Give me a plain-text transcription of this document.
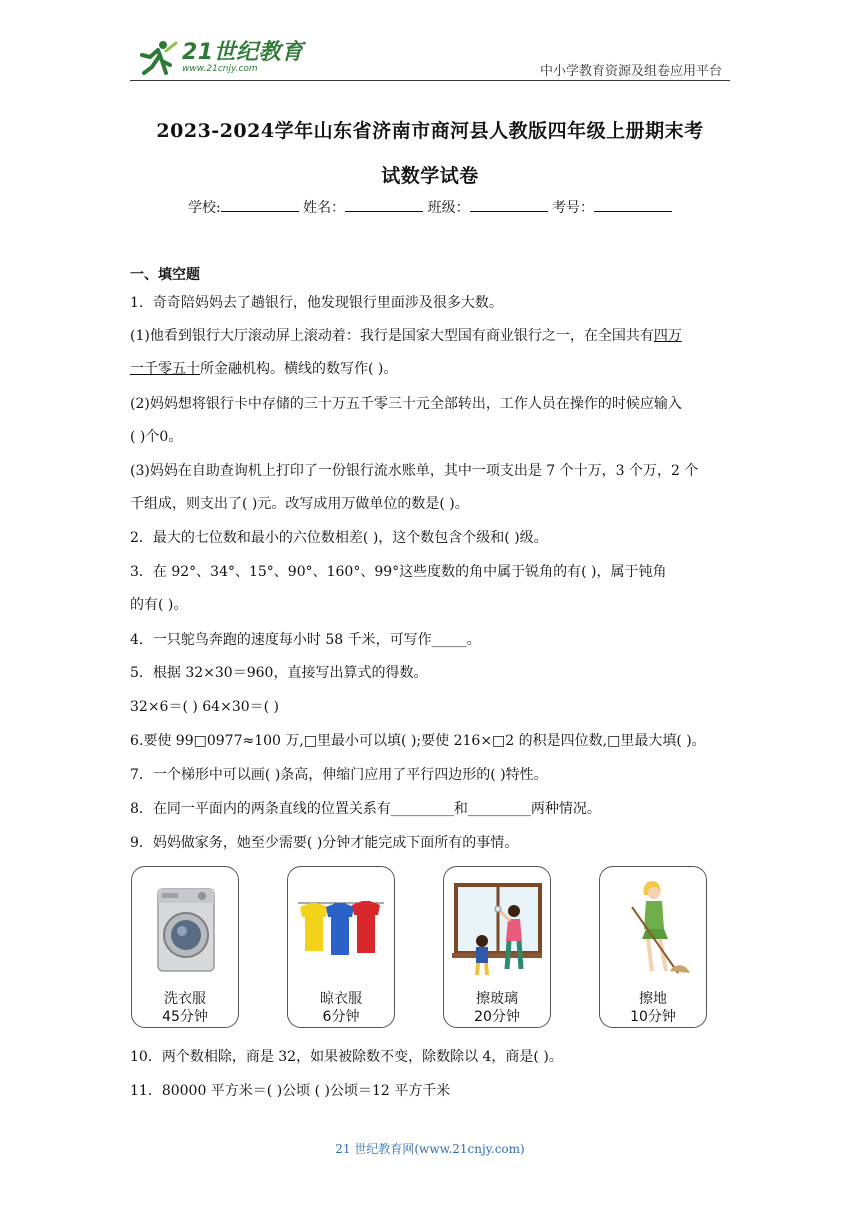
21世纪教育
www.21cnjy.com	中小学教育资源及组卷应用平台
2023-2024学年山东省济南市商河县人教版四年级上册期末考
试数学试卷
学校:	姓名：	班级：	考号：
一、填空题
1．奇奇陪妈妈去了趟银行，他发现银行里面涉及很多大数。
(1)他看到银行大厅滚动屏上滚动着：我行是国家大型国有商业银行之一，在全国共有四万
一千零五十所金融机构。横线的数写作( )。
(2)妈妈想将银行卡中存储的三十万五千零三十元全部转出，工作人员在操作的时候应输入
( )个0。
(3)妈妈在自助查询机上打印了一份银行流水账单，其中一项支出是 7 个十万，3 个万，2 个
千组成，则支出了( )元。改写成用万做单位的数是( )。
2．最大的七位数和最小的六位数相差( )，这个数包含个级和( )级。
3．在 92°、34°、15°、90°、160°、99°这些度数的角中属于锐角的有( )，属于钝角
的有( )。
4．一只鸵鸟奔跑的速度每小时 58 千米，可写作_____。
5．根据 32×30＝960，直接写出算式的得数。
32×6＝( ) 64×30＝( )
6.要使 99□0977≈100 万,□里最小可以填( );要使 216×□2 的积是四位数,□里最大填( )。
7．一个梯形中可以画( )条高，伸缩门应用了平行四边形的( )特性。
8．在同一平面内的两条直线的位置关系有_________和_________两种情况。
9．妈妈做家务，她至少需要( )分钟才能完成下面所有的事情。
洗衣服
45分钟
晾衣服
6分钟
擦玻璃
20分钟
擦地
10分钟
10．两个数相除，商是 32，如果被除数不变，除数除以 4，商是( )。
11．80000 平方米＝( )公顷 ( )公顷＝12 平方千米
21 世纪教育网(www.21cnjy.com)
